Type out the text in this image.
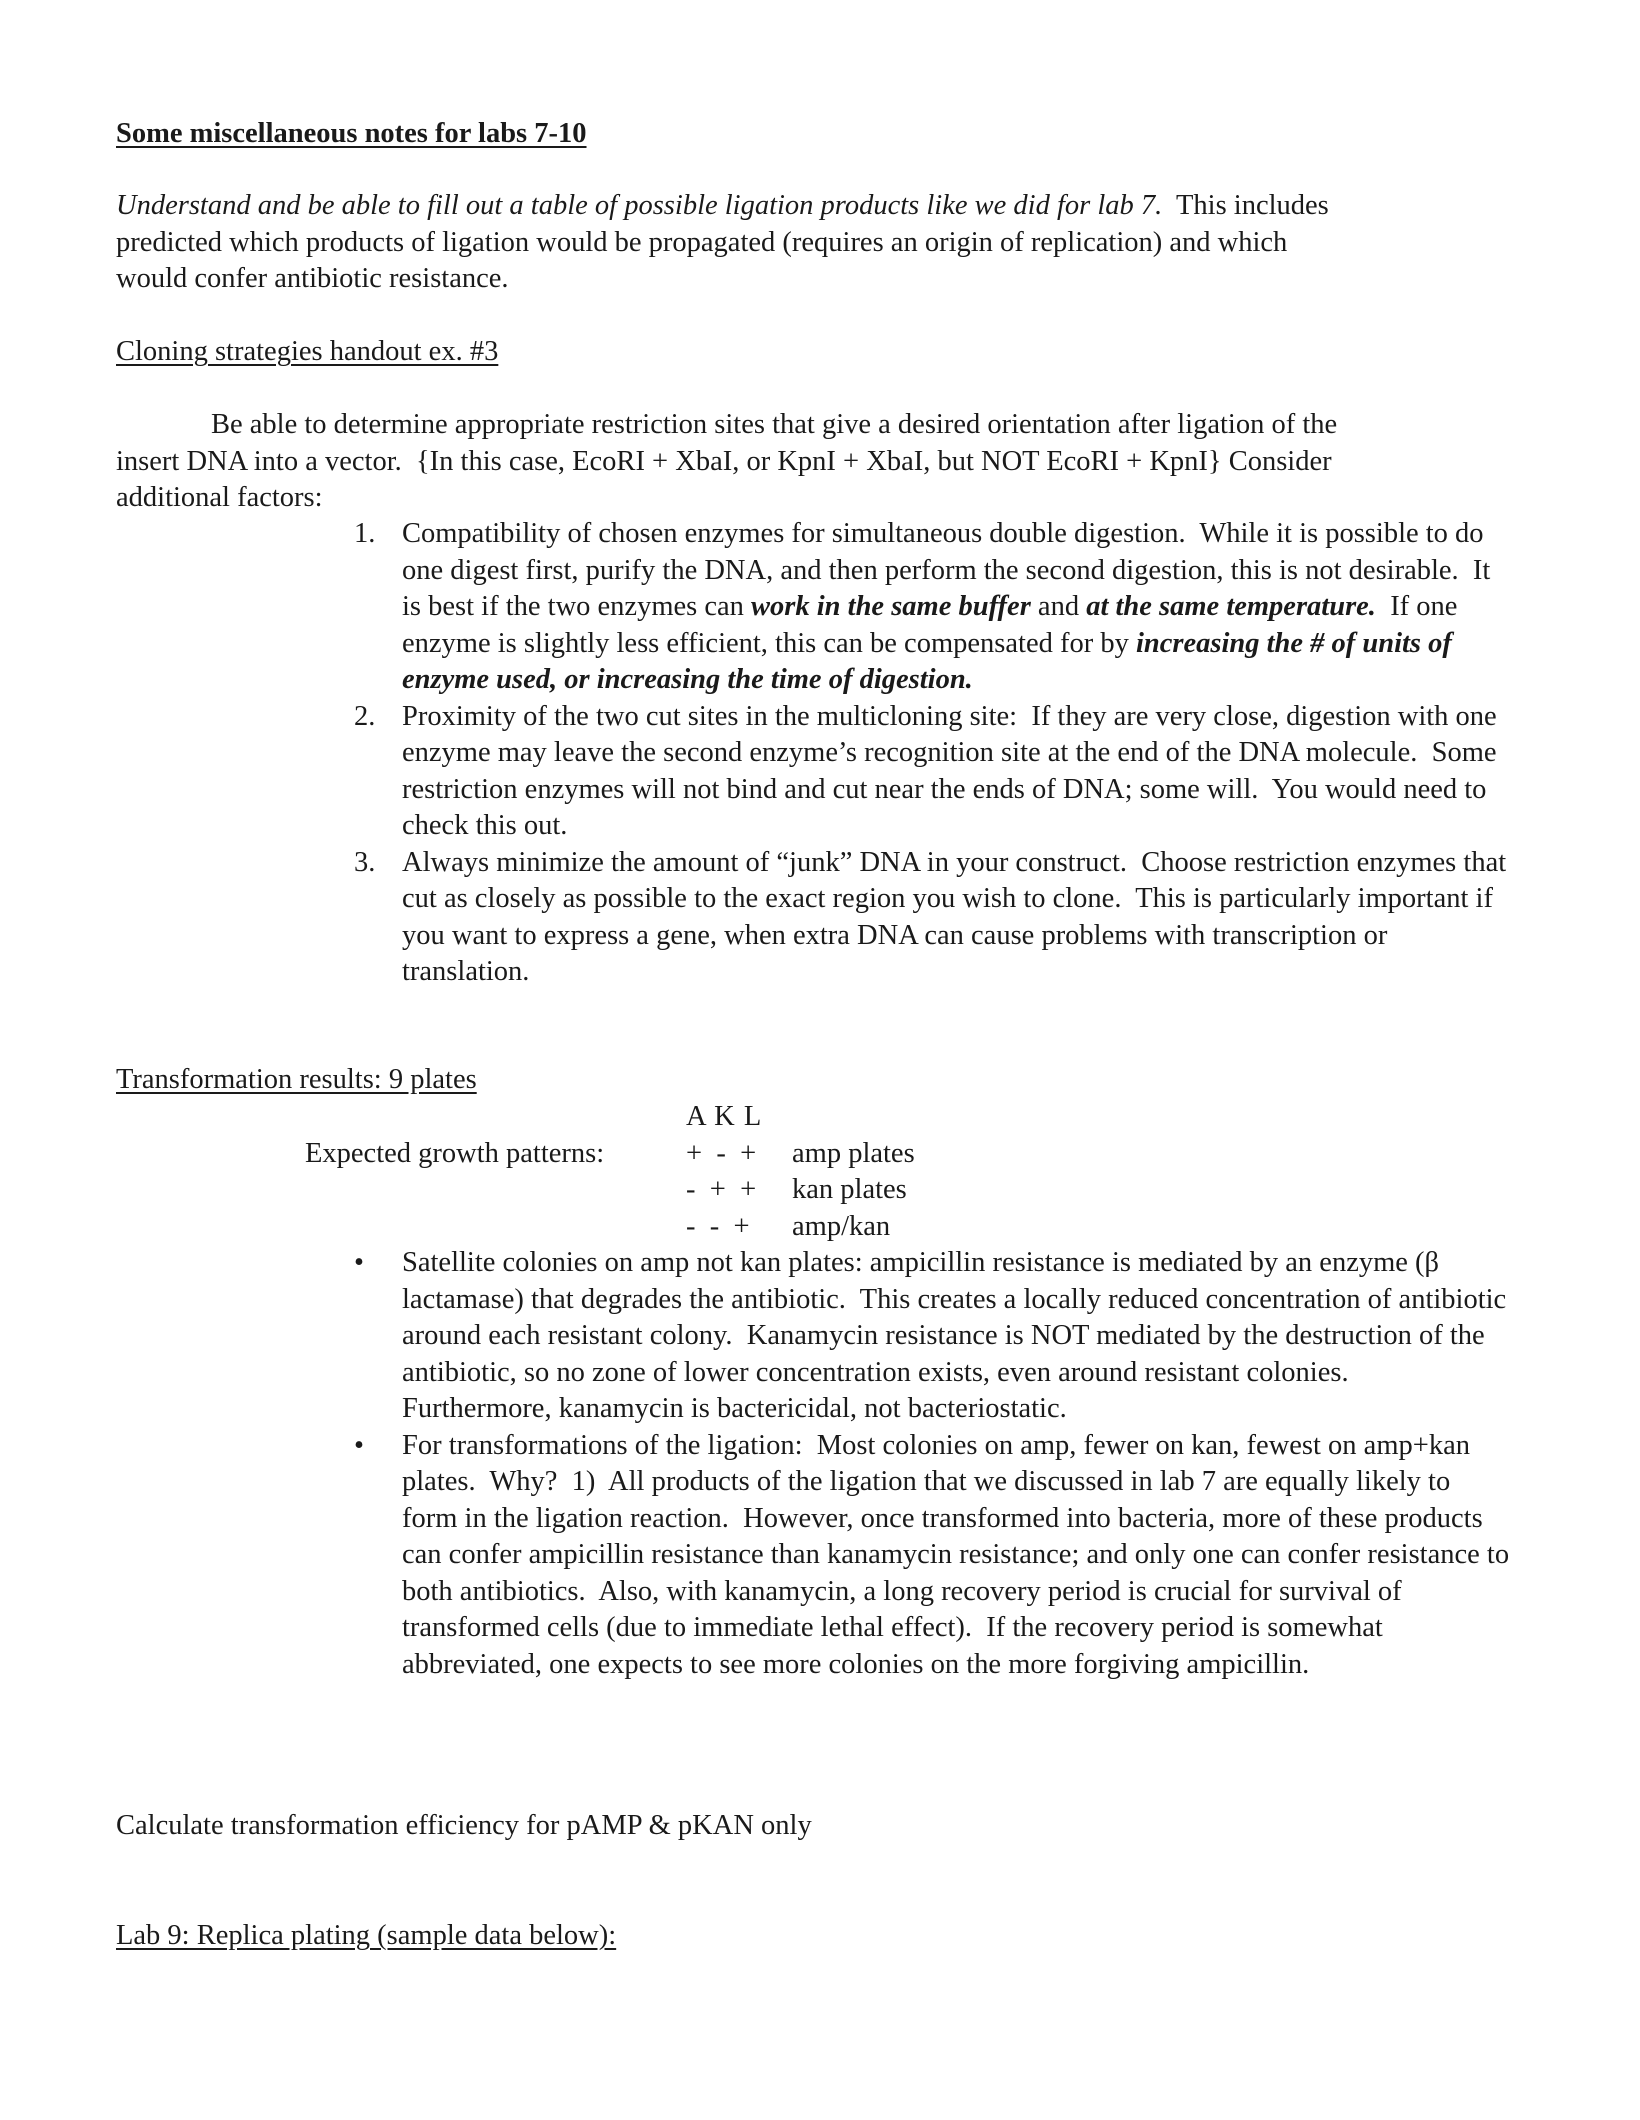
Some miscellaneous notes for labs 7-10
Understand and be able to fill out a table of possible ligation products like we did for lab 7.  This includes
predicted which products of ligation would be propagated (requires an origin of replication) and which
would confer antibiotic resistance.
Cloning strategies handout ex. #3
Be able to determine appropriate restriction sites that give a desired orientation after ligation of the
insert DNA into a vector.  {In this case, EcoRI + XbaI, or KpnI + XbaI, but NOT EcoRI + KpnI} Consider
additional factors:
1. Compatibility of chosen enzymes for simultaneous double digestion.  While it is possible to do one digest first, purify the DNA, and then perform the second digestion, this is not desirable.  It is best if the two enzymes can work in the same buffer and at the same temperature.  If one enzyme is slightly less efficient, this can be compensated for by increasing the # of units of enzyme used, or increasing the time of digestion.
2. Proximity of the two cut sites in the multicloning site:  If they are very close, digestion with one enzyme may leave the second enzyme’s recognition site at the end of the DNA molecule.  Some restriction enzymes will not bind and cut near the ends of DNA; some will.  You would need to check this out.
3. Always minimize the amount of “junk” DNA in your construct.  Choose restriction enzymes that cut as closely as possible to the exact region you wish to clone.  This is particularly important if you want to express a gene, when extra DNA can cause problems with transcription or translation.
Transformation results: 9 plates
A K L
Expected growth patterns:	+  -  + amp plates
-  +  + kan plates
-  -  + amp/kan
• Satellite colonies on amp not kan plates: ampicillin resistance is mediated by an enzyme (β lactamase) that degrades the antibiotic.  This creates a locally reduced concentration of antibiotic around each resistant colony.  Kanamycin resistance is NOT mediated by the destruction of the antibiotic, so no zone of lower concentration exists, even around resistant colonies.  Furthermore, kanamycin is bactericidal, not bacteriostatic.
• For transformations of the ligation:  Most colonies on amp, fewer on kan, fewest on amp+kan plates.  Why?  1)  All products of the ligation that we discussed in lab 7 are equally likely to form in the ligation reaction.  However, once transformed into bacteria, more of these products can confer ampicillin resistance than kanamycin resistance; and only one can confer resistance to both antibiotics.  Also, with kanamycin, a long recovery period is crucial for survival of transformed cells (due to immediate lethal effect).  If the recovery period is somewhat abbreviated, one expects to see more colonies on the more forgiving ampicillin.
Calculate transformation efficiency for pAMP & pKAN only
Lab 9: Replica plating (sample data below):
